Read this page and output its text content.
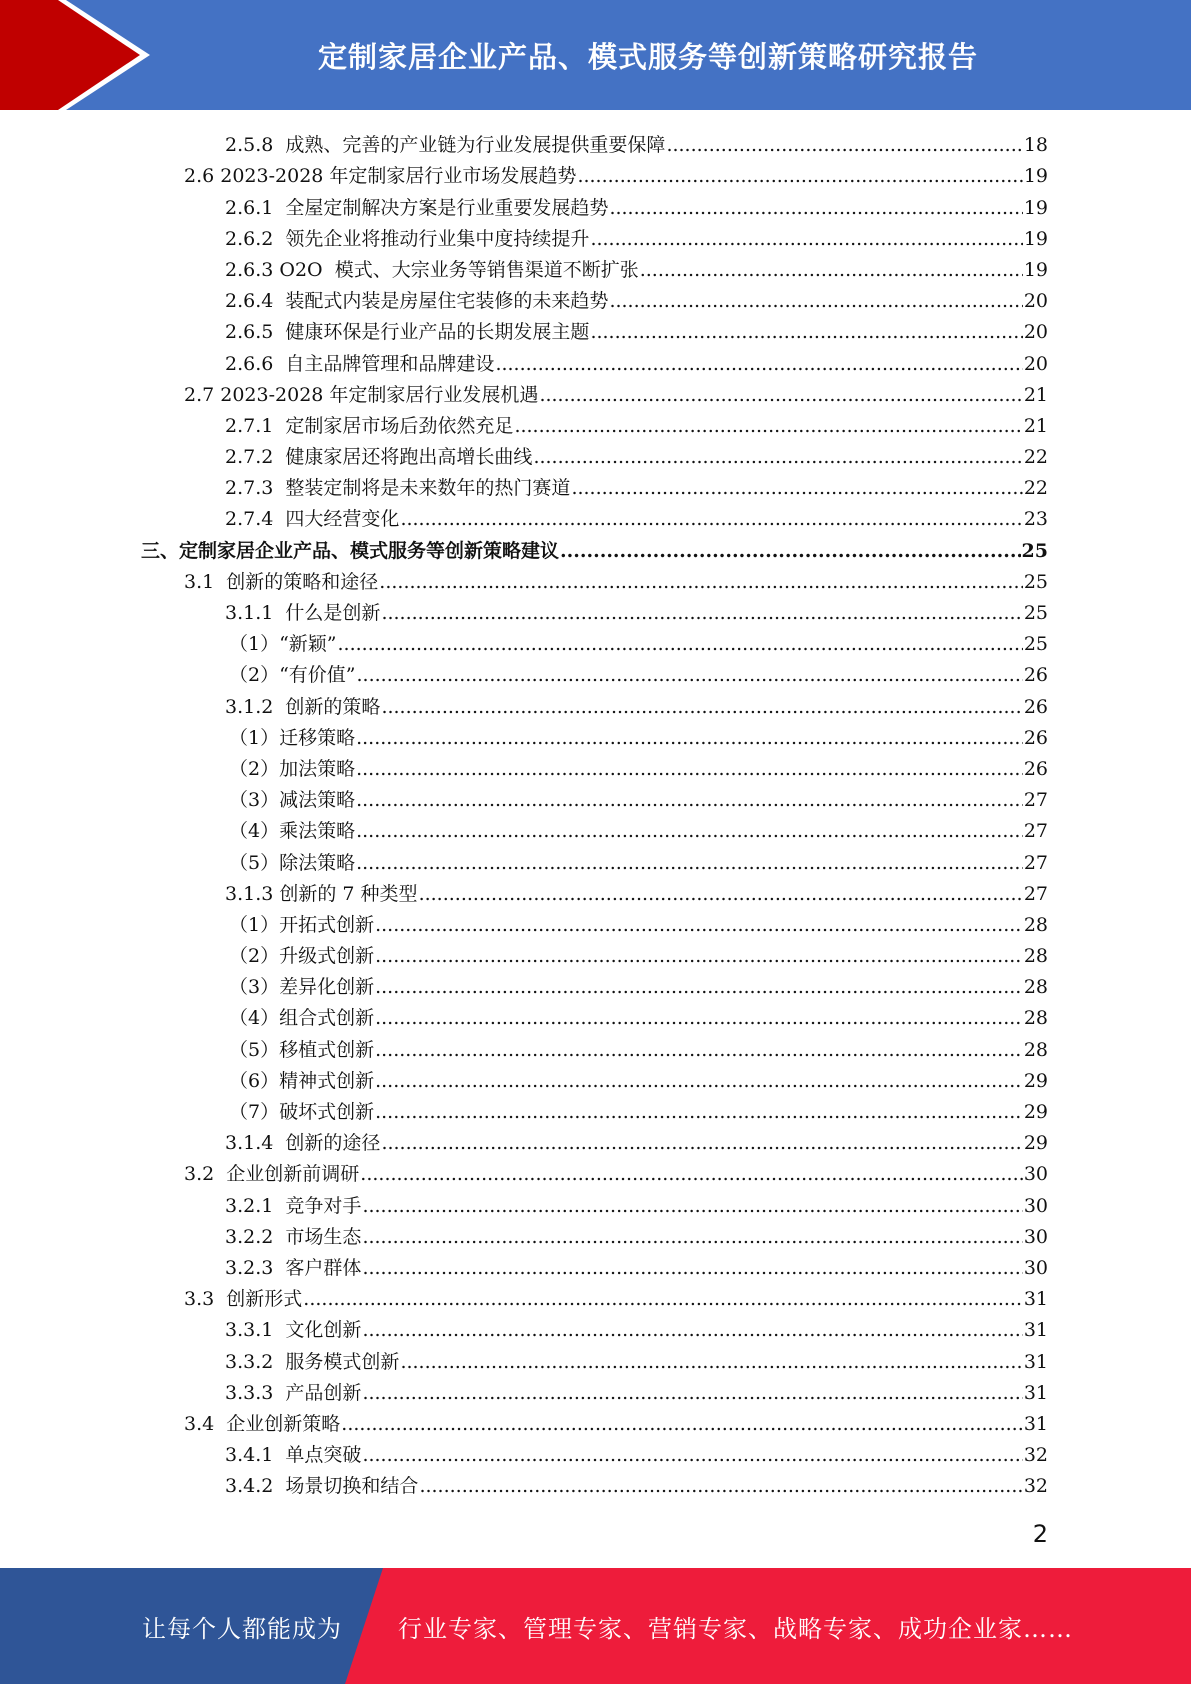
定制家居企业产品、模式服务等创新策略研究报告
2.5.8  成熟、完善的产业链为行业发展提供重要保障 .....	18
2.6 2023-2028 年定制家居行业市场发展趋势 .....	19
2.6.1  全屋定制解决方案是行业重要发展趋势 .....	19
2.6.2  领先企业将推动行业集中度持续提升 .....	19
2.6.3 O2O  模式、大宗业务等销售渠道不断扩张 .....	19
2.6.4  装配式内装是房屋住宅装修的未来趋势 .....	20
2.6.5  健康环保是行业产品的长期发展主题 .....	20
2.6.6  自主品牌管理和品牌建设 .....	20
2.7 2023-2028 年定制家居行业发展机遇 .....	21
2.7.1  定制家居市场后劲依然充足 .....	21
2.7.2  健康家居还将跑出高增长曲线 .....	22
2.7.3  整装定制将是未来数年的热门赛道 .....	22
2.7.4  四大经营变化 .....	23
三、定制家居企业产品、模式服务等创新策略建议 .....	25
3.1  创新的策略和途径 .....	25
3.1.1  什么是创新 .....	25
（1）“新颖” .....	25
（2）“有价值” .....	26
3.1.2  创新的策略 .....	26
（1）迁移策略 .....	26
（2）加法策略 .....	26
（3）减法策略 .....	27
（4）乘法策略 .....	27
（5）除法策略 .....	27
3.1.3 创新的 7 种类型 .....	27
（1）开拓式创新 .....	28
（2）升级式创新 .....	28
（3）差异化创新 .....	28
（4）组合式创新 .....	28
（5）移植式创新 .....	28
（6）精神式创新 .....	29
（7）破坏式创新 .....	29
3.1.4  创新的途径 .....	29
3.2  企业创新前调研 .....	30
3.2.1  竞争对手 .....	30
3.2.2  市场生态 .....	30
3.2.3  客户群体 .....	30
3.3  创新形式 .....	31
3.3.1  文化创新 .....	31
3.3.2  服务模式创新 .....	31
3.3.3  产品创新 .....	31
3.4  企业创新策略 .....	31
3.4.1  单点突破 .....	32
3.4.2  场景切换和结合 .....	32
2
让每个人都能成为 行业专家、管理专家、营销专家、战略专家、成功企业家……
